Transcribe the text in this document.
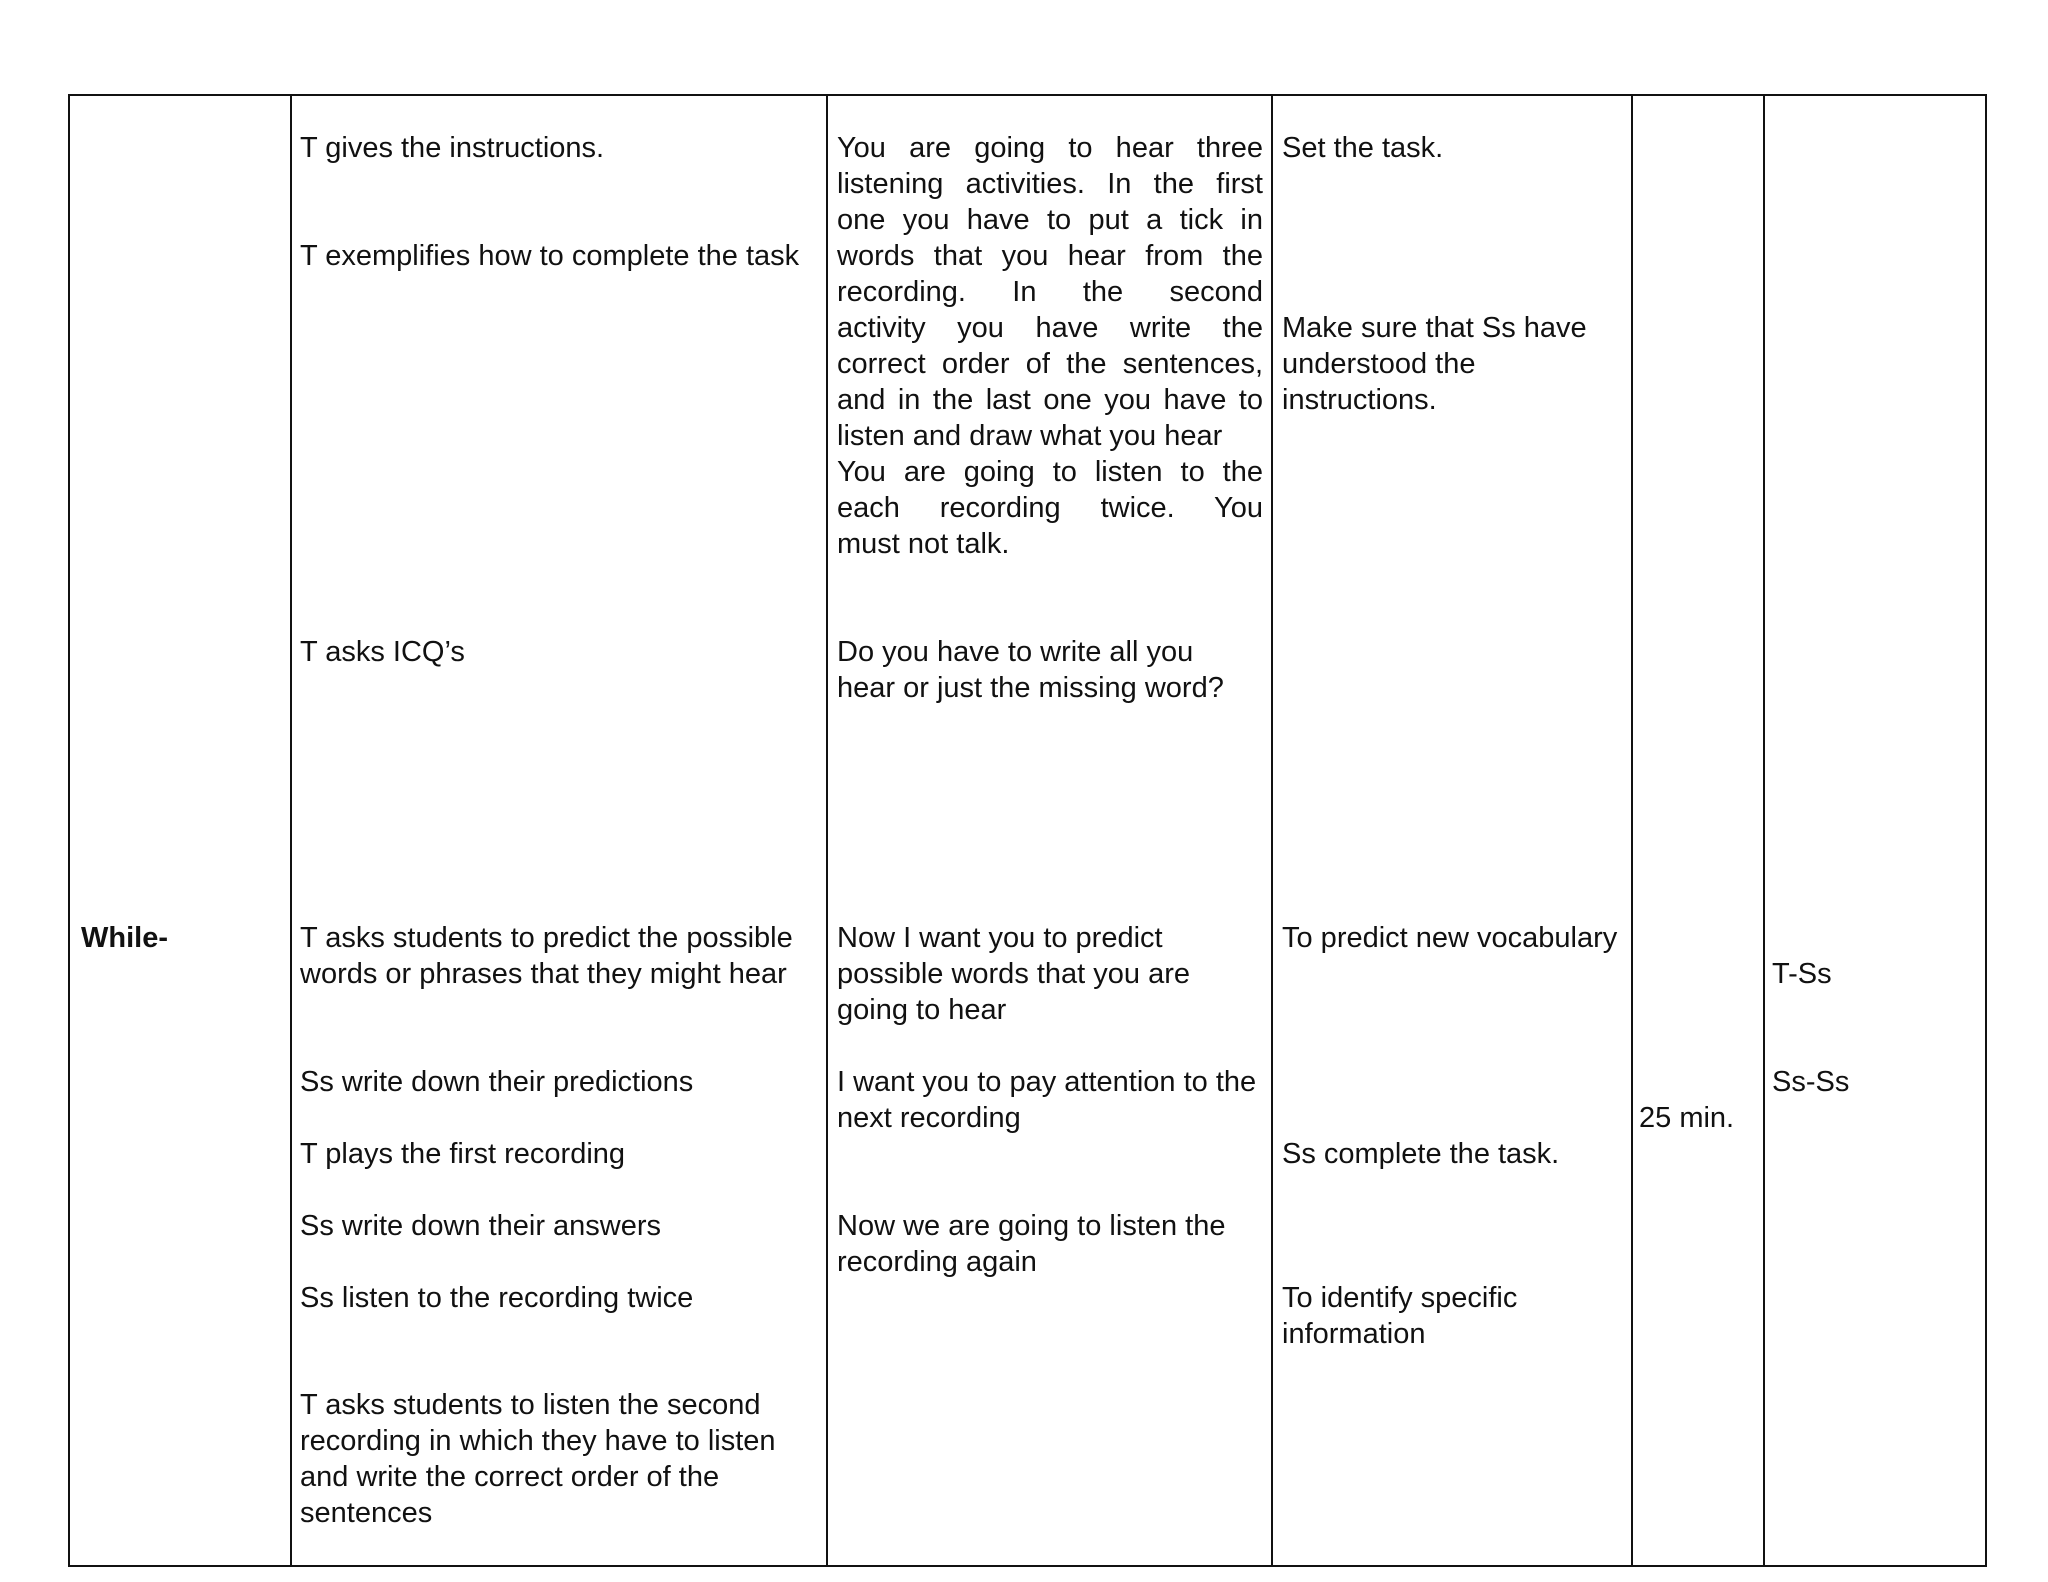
While-
T gives the instructions.
T exemplifies how to complete the task
T asks ICQ’s
T asks students to predict the possible words or phrases that they might hear
Ss write down their predictions
T plays the first recording
Ss write down their answers
Ss listen to the recording twice
T asks students to listen the second recording in which they have to listen and write the correct order of the sentences
You are going to hear three
listening activities. In the first
one you have to put a tick in
words that you hear from the
recording. In the second
activity you have write the
correct order of the sentences,
and in the last one you have to
listen and draw what you hear
You are going to listen to the
each recording twice. You
must not talk.
Do you have to write all you hear or just the missing word?
Now I want you to predict possible words that you are going to hear
I want you to pay attention to the next recording
Now we are going to listen the recording again
Set the task.
Make sure that Ss have understood the instructions.
To predict new vocabulary
Ss complete the task.
To identify specific information
25 min.
T-Ss
Ss-Ss
